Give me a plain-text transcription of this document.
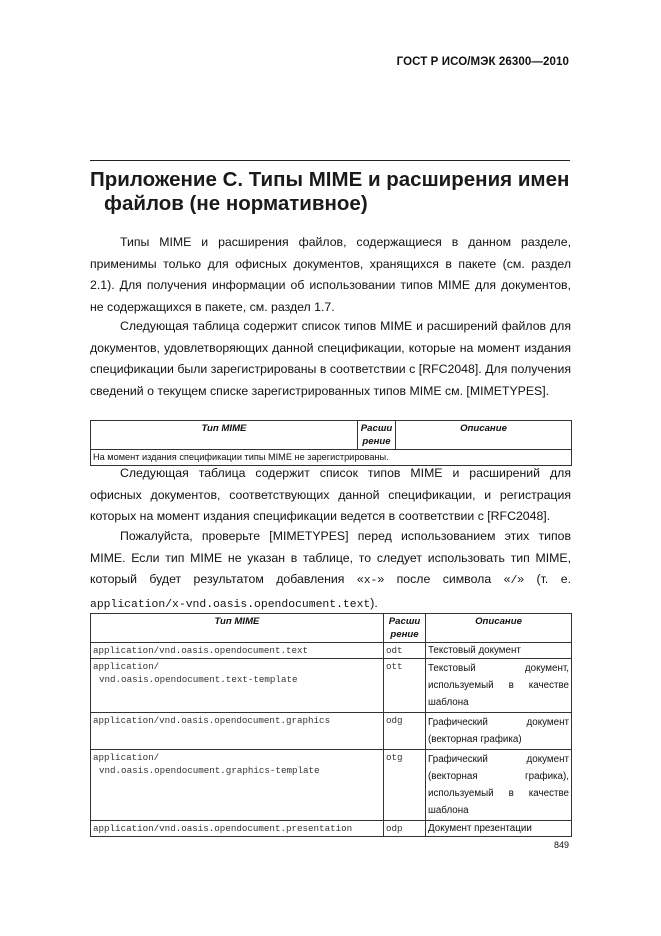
ГОСТ Р ИСО/МЭК 26300—2010
Приложение С. Типы MIME и расширения имен
файлов (не нормативное)

Типы MIME и расширения файлов, содержащиеся в данном разделе, применимы только для офисных документов, хранящихся в пакете (см. раздел 2.1). Для получения информации об использовании типов MIME для документов, не содержащихся в пакете, см. раздел 1.7.

Следующая таблица содержит список типов MIME и расширений файлов для документов, удовлетворяющих данной спецификации, которые на момент издания спецификации были зарегистрированы в соответствии с [RFC2048]. Для получения сведений о текущем списке зарегистрированных типов MIME см. [MIMETYPES].

Тип MIME	Расши
рение	Описание
На момент издания спецификации типы MIME не зарегистрированы.

Следующая таблица содержит список типов MIME и расширений для офисных документов, соответствующих данной спецификации, и регистрация которых на момент издания спецификации ведется в соответствии с [RFC2048].

Пожалуйста, проверьте [MIMETYPES] перед использованием этих типов MIME. Если тип MIME не указан в таблице, то следует использовать тип MIME, который будет результатом добавления «x-» после символа «/» (т. е. application/x-vnd.oasis.opendocument.text).

Тип MIME	Расши
рение	Описание
application/vnd.oasis.opendocument.text	odt	Текстовый документ

application/
vnd.oasis.opendocument.text-template	ott	Текстовый документ,
используемый в качестве
шаблона

application/vnd.oasis.opendocument.graphics	odg	Графический документ
(векторная графика)

application/
vnd.oasis.opendocument.graphics-template	otg	Графический документ
(векторная графика),
используемый в качестве
шаблона

application/vnd.oasis.opendocument.presentation	odp	Документ презентации
849
